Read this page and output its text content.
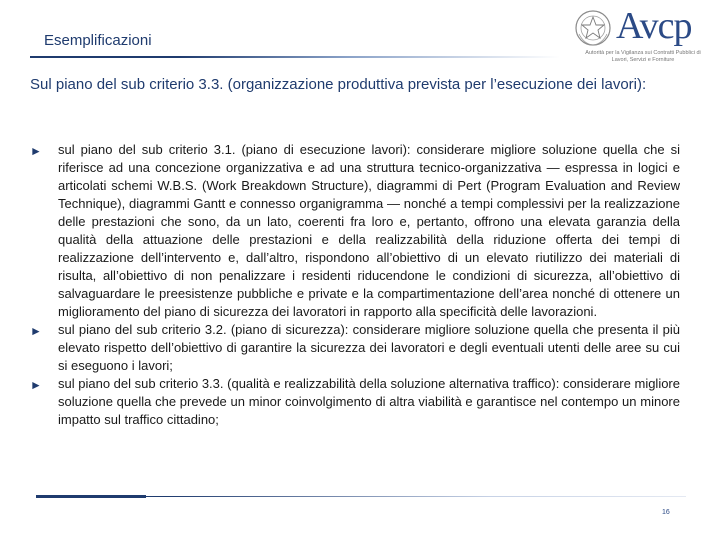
Esemplificazioni	Avcp
Autorità per la Vigilanza sui Contratti Pubblici di Lavori, Servizi e Forniture
Sul piano del sub criterio 3.3. (organizzazione produttiva prevista per l’esecuzione dei lavori):
► sul piano del sub criterio 3.1. (piano di esecuzione lavori): considerare migliore soluzione quella che si riferisce ad una concezione organizzativa e ad una struttura tecnico-organizzativa — espressa in logici e articolati schemi W.B.S. (Work Breakdown Structure), diagrammi di Pert (Program Evaluation and Review Technique), diagrammi Gantt e connesso organigramma — nonché a tempi complessivi per la realizzazione delle prestazioni che sono, da un lato, coerenti fra loro e, pertanto, offrono una elevata garanzia della qualità della attuazione delle prestazioni e della realizzabilità della riduzione offerta dei tempi di realizzazione dell’intervento e, dall’altro, rispondono all’obiettivo di un elevato riutilizzo dei materiali di risulta, all’obiettivo di non penalizzare i residenti riducendone le condizioni di sicurezza, all’obiettivo di salvaguardare le preesistenze pubbliche e private e la compartimentazione dell’area nonché di ottenere un miglioramento del piano di sicurezza dei lavoratori in rapporto alla specificità delle lavorazioni.
► sul piano del sub criterio 3.2. (piano di sicurezza): considerare migliore soluzione quella che presenta il più elevato rispetto dell’obiettivo di garantire la sicurezza dei lavoratori e degli eventuali utenti delle aree su cui si eseguono i lavori;
► sul piano del sub criterio 3.3. (qualità e realizzabilità della soluzione alternativa traffico): considerare migliore soluzione quella che prevede un minor coinvolgimento di altra viabilità e garantisce nel contempo un minore impatto sul traffico cittadino;
16
